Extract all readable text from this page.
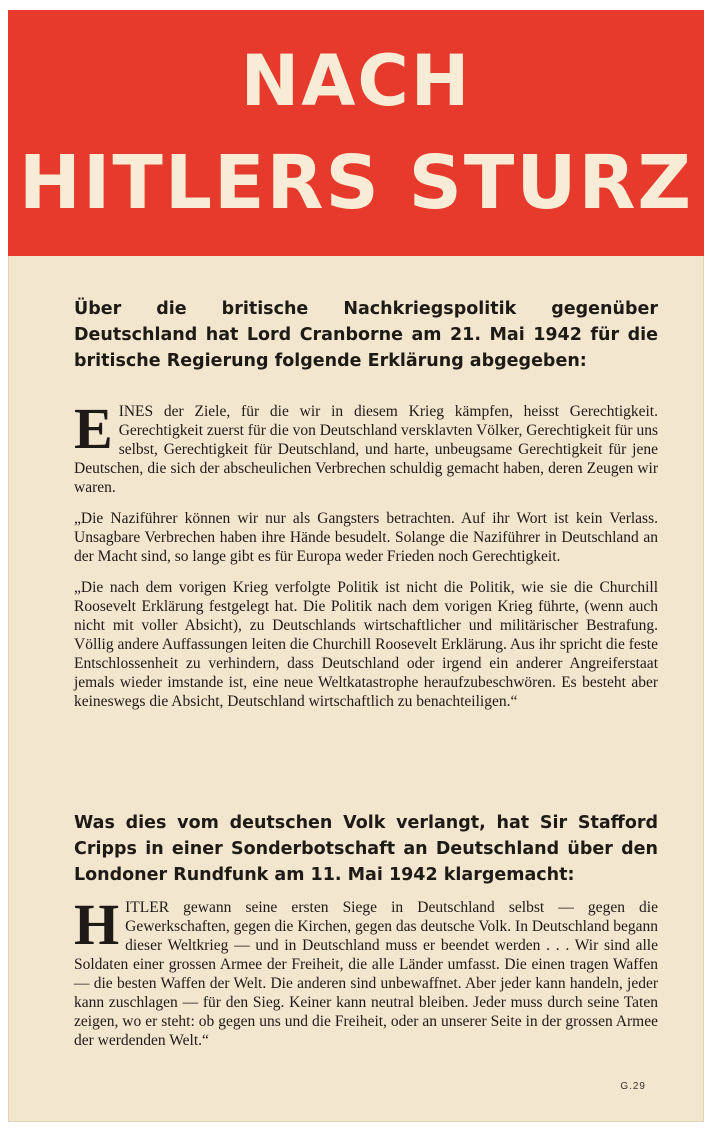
NACH
HITLERS STURZ
Über die britische Nachkriegspolitik gegenüber Deutschland hat Lord Cranborne am 21. Mai 1942 für die britische Regierung folgende Erklärung abgegeben:

EINES der Ziele, für die wir in diesem Krieg kämpfen, heisst Gerechtigkeit. Gerechtigkeit zuerst für die von Deutschland versklavten Völker, Gerechtigkeit für uns selbst, Gerechtigkeit für Deutschland, und harte, unbeugsame Gerechtigkeit für jene Deutschen, die sich der abscheulichen Verbrechen schuldig gemacht haben, deren Zeugen wir waren.

„Die Naziführer können wir nur als Gangsters betrachten. Auf ihr Wort ist kein Verlass. Unsagbare Verbrechen haben ihre Hände besudelt. Solange die Naziführer in Deutschland an der Macht sind, so lange gibt es für Europa weder Frieden noch Gerechtigkeit.

„Die nach dem vorigen Krieg verfolgte Politik ist nicht die Politik, wie sie die Churchill Roosevelt Erklärung festgelegt hat. Die Politik nach dem vorigen Krieg führte, (wenn auch nicht mit voller Absicht), zu Deutschlands wirtschaftlicher und militärischer Bestrafung. Völlig andere Auffassungen leiten die Churchill Roosevelt Erklärung. Aus ihr spricht die feste Entschlossenheit zu verhindern, dass Deutschland oder irgend ein anderer Angreiferstaat jemals wieder imstande ist, eine neue Weltkatastrophe heraufzubeschwören. Es besteht aber keineswegs die Absicht, Deutschland wirtschaftlich zu benachteiligen.“

Was dies vom deutschen Volk verlangt, hat Sir Stafford Cripps in einer Sonderbotschaft an Deutschland über den Londoner Rundfunk am 11. Mai 1942 klargemacht:

HITLER gewann seine ersten Siege in Deutschland selbst — gegen die Gewerkschaften, gegen die Kirchen, gegen das deutsche Volk. In Deutschland begann dieser Weltkrieg — und in Deutschland muss er beendet werden . . . Wir sind alle Soldaten einer grossen Armee der Freiheit, die alle Länder umfasst. Die einen tragen Waffen — die besten Waffen der Welt. Die anderen sind unbewaffnet. Aber jeder kann handeln, jeder kann zuschlagen — für den Sieg. Keiner kann neutral bleiben. Jeder muss durch seine Taten zeigen, wo er steht: ob gegen uns und die Freiheit, oder an unserer Seite in der grossen Armee der werdenden Welt.“

G.29
